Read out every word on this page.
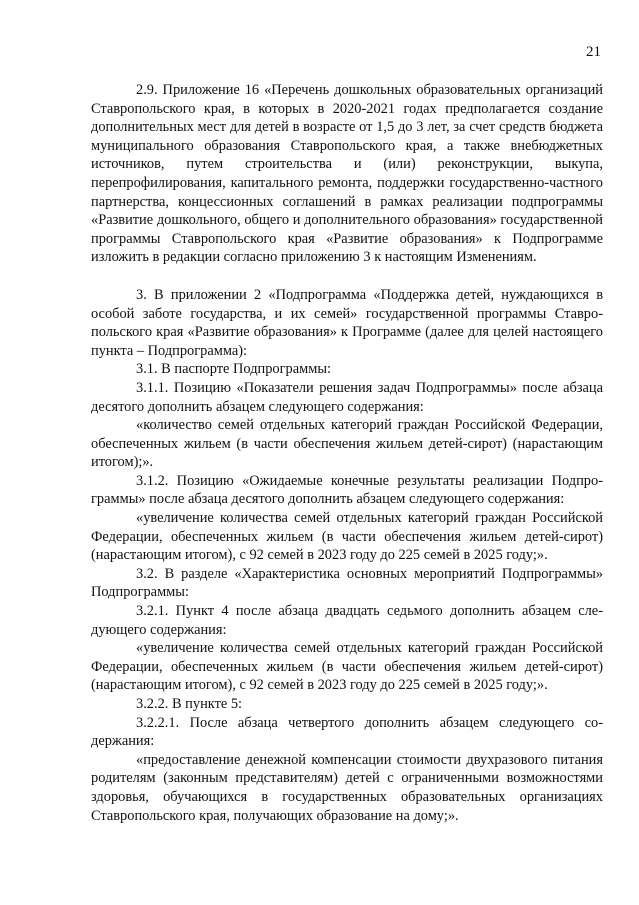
21

2.9. Приложение 16 «Перечень дошкольных образовательных организаций Ставропольского края, в которых в 2020-2021 годах предполагается создание дополнительных мест для детей в возрасте от 1,5 до 3 лет, за счет средств бюджета муниципального образования Ставропольского края, а также внебюджетных источников, путем строительства и (или) реконструкции, выкупа, перепрофилирования, капитального ремонта, поддержки государственно-частного партнерства, концессионных соглашений в рамках реализации подпрограммы «Развитие дошкольного, общего и дополнительного образования» государственной программы Ставропольского края «Развитие образования» к Подпрограмме изложить в редакции согласно приложению 3 к настоящим Изменениям.

3. В приложении 2 «Подпрограмма «Поддержка детей, нуждающихся в особой заботе государства, и их семей» государственной программы Ставропольского края «Развитие образования» к Программе (далее для целей настоящего пункта – Подпрограмма):

3.1. В паспорте Подпрограммы:

3.1.1. Позицию «Показатели решения задач Подпрограммы» после абзаца десятого дополнить абзацем следующего содержания:

«количество семей отдельных категорий граждан Российской Федерации, обеспеченных жильем (в части обеспечения жильем детей-сирот) (нарастающим итогом);».

3.1.2. Позицию «Ожидаемые конечные результаты реализации Подпрограммы» после абзаца десятого дополнить абзацем следующего содержания:

«увеличение количества семей отдельных категорий граждан Российской Федерации, обеспеченных жильем (в части обеспечения жильем детей-сирот) (нарастающим итогом), с 92 семей в 2023 году до 225 семей в 2025 году;».

3.2. В разделе «Характеристика основных мероприятий Подпрограммы» Подпрограммы:

3.2.1. Пункт 4 после абзаца двадцать седьмого дополнить абзацем следующего содержания:

«увеличение количества семей отдельных категорий граждан Российской Федерации, обеспеченных жильем (в части обеспечения жильем детей-сирот) (нарастающим итогом), с 92 семей в 2023 году до 225 семей в 2025 году;».

3.2.2. В пункте 5:

3.2.2.1. После абзаца четвертого дополнить абзацем следующего содержания:

«предоставление денежной компенсации стоимости двухразового питания родителям (законным представителям) детей с ограниченными возможностями здоровья, обучающихся в государственных образовательных организациях Ставропольского края, получающих образование на дому;».
